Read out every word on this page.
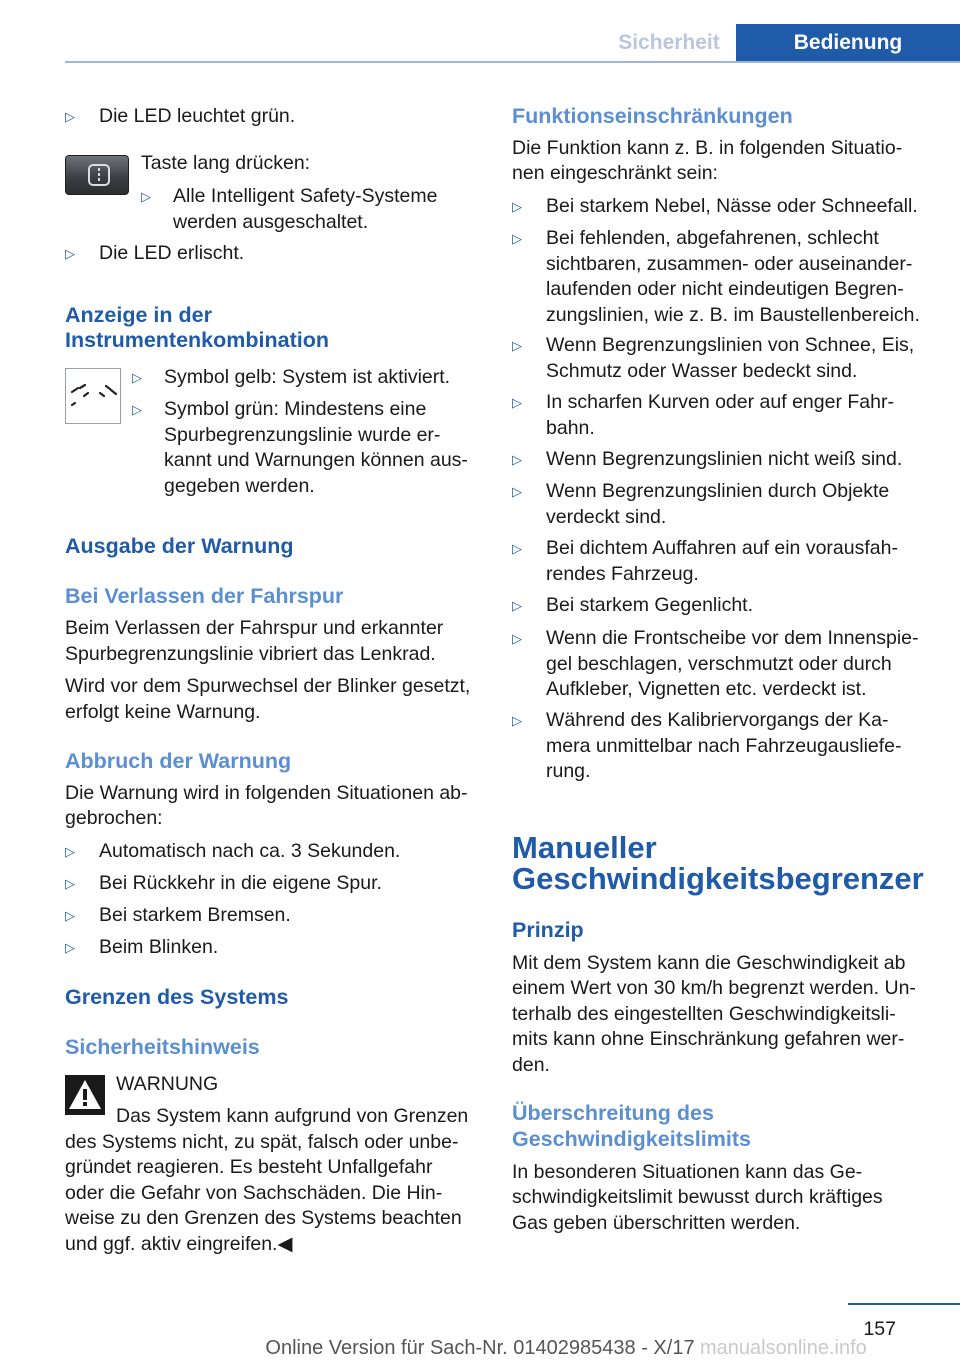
Sicherheit	Bedienung
▷ Die LED leuchtet grün.
Taste lang drücken:
▷ Alle Intelligent Safety-Systeme
werden ausgeschaltet.
▷ Die LED erlischt.
Anzeige in der
Instrumentenkombination
▷ Symbol gelb: System ist aktiviert.
▷ Symbol grün: Mindestens eine
Spurbegrenzungslinie wurde er‐
kannt und Warnungen können aus‐
gegeben werden.
Ausgabe der Warnung
Bei Verlassen der Fahrspur
Beim Verlassen der Fahrspur und erkannter
Spurbegrenzungslinie vibriert das Lenkrad.
Wird vor dem Spurwechsel der Blinker gesetzt,
erfolgt keine Warnung.
Abbruch der Warnung
Die Warnung wird in folgenden Situationen ab‐
gebrochen:
▷ Automatisch nach ca. 3 Sekunden.
▷ Bei Rückkehr in die eigene Spur.
▷ Bei starkem Bremsen.
▷ Beim Blinken.
Grenzen des Systems
Sicherheitshinweis
WARNUNG
Das System kann aufgrund von Grenzen
des Systems nicht, zu spät, falsch oder unbe‐
gründet reagieren. Es besteht Unfallgefahr
oder die Gefahr von Sachschäden. Die Hin‐
weise zu den Grenzen des Systems beachten
und ggf. aktiv eingreifen.◀
Funktionseinschränkungen
Die Funktion kann z. B. in folgenden Situatio‐
nen eingeschränkt sein:
▷ Bei starkem Nebel, Nässe oder Schneefall.
▷ Bei fehlenden, abgefahrenen, schlecht
sichtbaren, zusammen- oder auseinander‐
laufenden oder nicht eindeutigen Begren‐
zungslinien, wie z. B. im Baustellenbereich.
▷ Wenn Begrenzungslinien von Schnee, Eis,
Schmutz oder Wasser bedeckt sind.
▷ In scharfen Kurven oder auf enger Fahr‐
bahn.
▷ Wenn Begrenzungslinien nicht weiß sind.
▷ Wenn Begrenzungslinien durch Objekte
verdeckt sind.
▷ Bei dichtem Auffahren auf ein vorausfah‐
rendes Fahrzeug.
▷ Bei starkem Gegenlicht.
▷ Wenn die Frontscheibe vor dem Innenspie‐
gel beschlagen, verschmutzt oder durch
Aufkleber, Vignetten etc. verdeckt ist.
▷ Während des Kalibriervorgangs der Ka‐
mera unmittelbar nach Fahrzeugausliefe‐
rung.
Manueller
Geschwindigkeitsbegrenzer
Prinzip
Mit dem System kann die Geschwindigkeit ab
einem Wert von 30 km/h begrenzt werden. Un‐
terhalb des eingestellten Geschwindigkeitsli‐
mits kann ohne Einschränkung gefahren wer‐
den.
Überschreitung des
Geschwindigkeitslimits
In besonderen Situationen kann das Ge‐
schwindigkeitslimit bewusst durch kräftiges
Gas geben überschritten werden.
157
Online Version für Sach-Nr. 01402985438 - X/17 manualsonline.info
